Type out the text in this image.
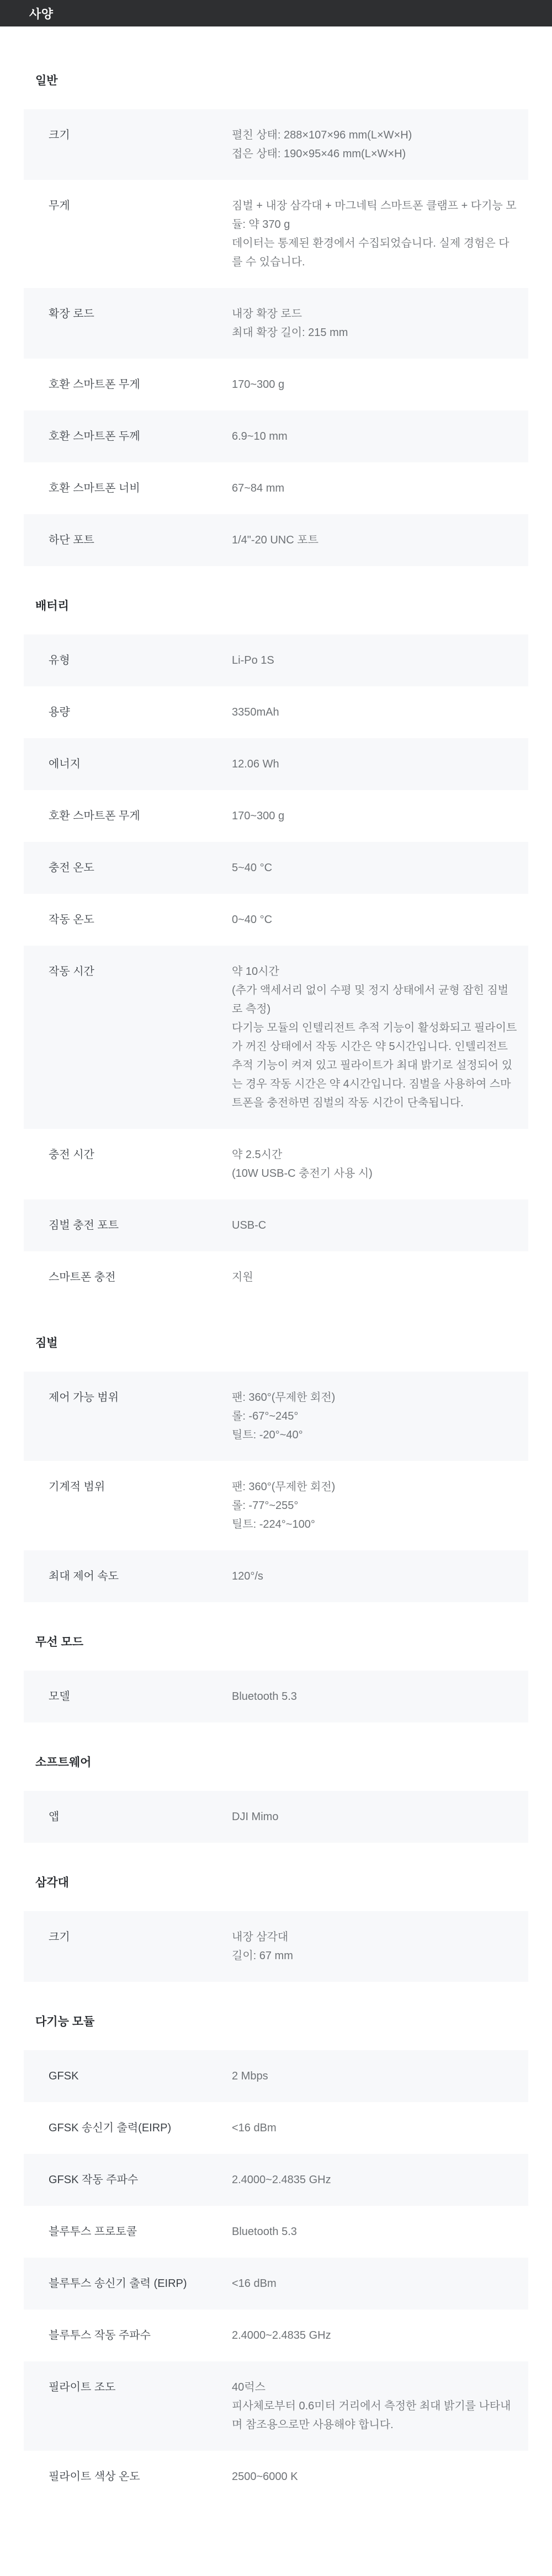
사양
일반
크기	펼친 상태: 288×107×96 mm(L×W×H)

접은 상태: 190×95×46 mm(L×W×H)

무게	짐벌 + 내장 삼각대 + 마그네틱 스마트폰 클램프 + 다기능 모듈: 약 370 g

데이터는 통제된 환경에서 수집되었습니다. 실제 경험은 다를 수 있습니다.

확장 로드	내장 확장 로드

최대 확장 길이: 215 mm

호환 스마트폰 무게	170~300 g

호환 스마트폰 두께	6.9~10 mm

호환 스마트폰 너비	67~84 mm

하단 포트	1/4"-20 UNC 포트

배터리
유형	Li-Po 1S

용량	3350mAh

에너지	12.06 Wh

호환 스마트폰 무게	170~300 g

충전 온도	5~40 °C

작동 온도	0~40 °C

작동 시간	약 10시간

(추가 액세서리 없이 수평 및 정지 상태에서 균형 잡힌 짐벌로 측정)

다기능 모듈의 인텔리전트 추적 기능이 활성화되고 필라이트가 꺼진 상태에서 작동 시간은 약 5시간입니다. 인텔리전트 추적 기능이 켜져 있고 필라이트가 최대 밝기로 설정되어 있는 경우 작동 시간은 약 4시간입니다. 짐벌을 사용하여 스마트폰을 충전하면 짐벌의 작동 시간이 단축됩니다.

충전 시간	약 2.5시간

(10W USB-C 충전기 사용 시)

짐벌 충전 포트	USB-C

스마트폰 충전	지원

짐벌
제어 가능 범위	팬: 360°(무제한 회전)

롤: -67°~245°

틸트: -20°~40°

기계적 범위	팬: 360°(무제한 회전)

롤: -77°~255°

틸트: -224°~100°

최대 제어 속도	120°/s

무선 모드
모델	Bluetooth 5.3

소프트웨어
앱	DJI Mimo

삼각대
크기	내장 삼각대

길이: 67 mm

다기능 모듈
GFSK	2 Mbps

GFSK 송신기 출력(EIRP)	<16 dBm

GFSK 작동 주파수	2.4000~2.4835 GHz

블루투스 프로토콜	Bluetooth 5.3

블루투스 송신기 출력 (EIRP)	<16 dBm

블루투스 작동 주파수	2.4000~2.4835 GHz

필라이트 조도	40럭스

피사체로부터 0.6미터 거리에서 측정한 최대 밝기를 나타내며 참조용으로만 사용해야 합니다.

필라이트 색상 온도	2500~6000 K
